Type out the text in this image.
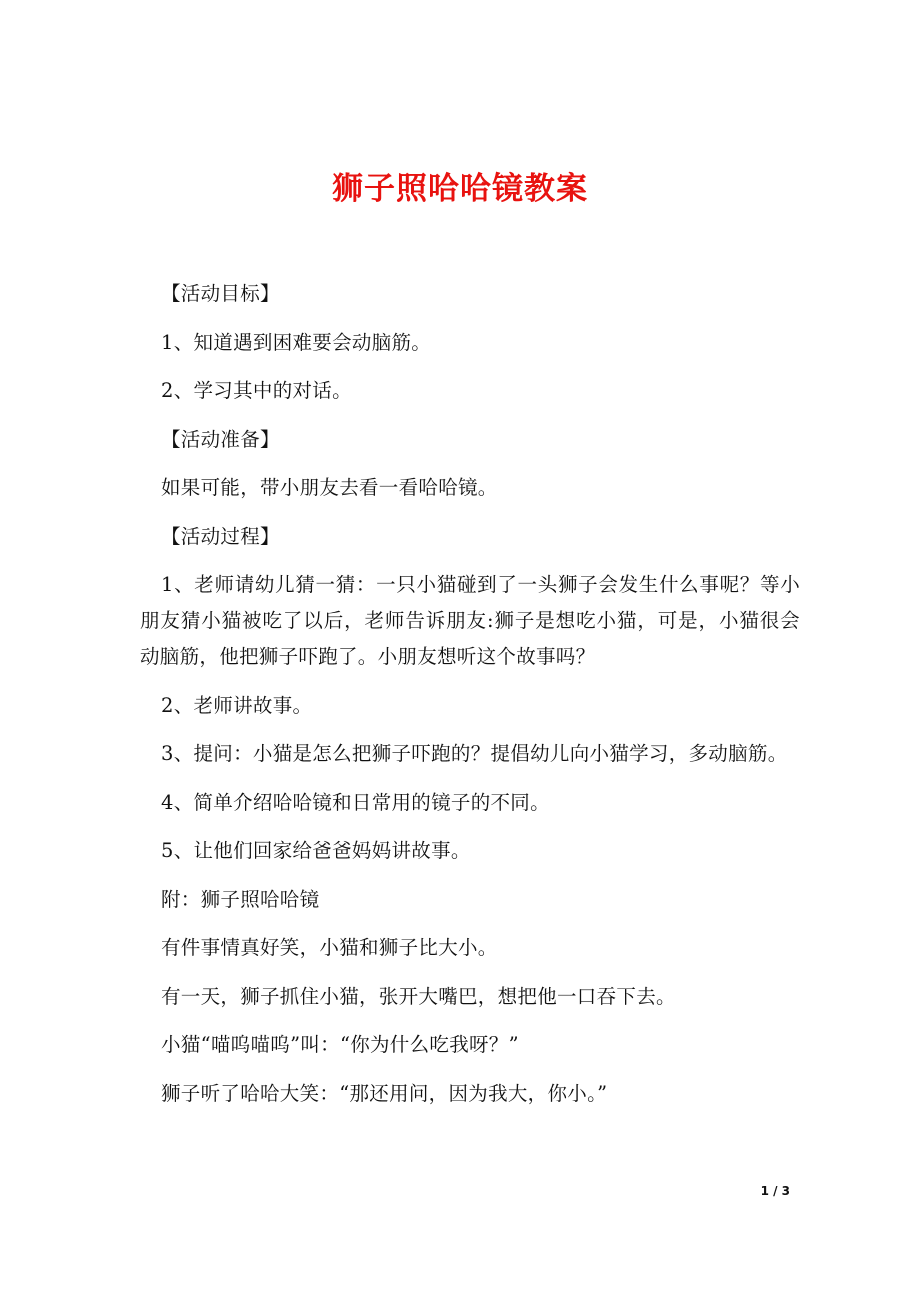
狮子照哈哈镜教案

【活动目标】

1、知道遇到困难要会动脑筋。

2、学习其中的对话。

【活动准备】

如果可能，带小朋友去看一看哈哈镜。

【活动过程】

1、老师请幼儿猜一猜：一只小猫碰到了一头狮子会发生什么事呢？等小朋友猜小猫被吃了以后，老师告诉朋友:狮子是想吃小猫，可是，小猫很会动脑筋，他把狮子吓跑了。小朋友想听这个故事吗？

2、老师讲故事。

3、提问：小猫是怎么把狮子吓跑的？提倡幼儿向小猫学习，多动脑筋。

4、简单介绍哈哈镜和日常用的镜子的不同。

5、让他们回家给爸爸妈妈讲故事。

附：狮子照哈哈镜

有件事情真好笑，小猫和狮子比大小。

有一天，狮子抓住小猫，张开大嘴巴，想把他一口吞下去。

小猫“喵呜喵呜”叫：“你为什么吃我呀？”

狮子听了哈哈大笑：“那还用问，因为我大，你小。”

1 / 3
